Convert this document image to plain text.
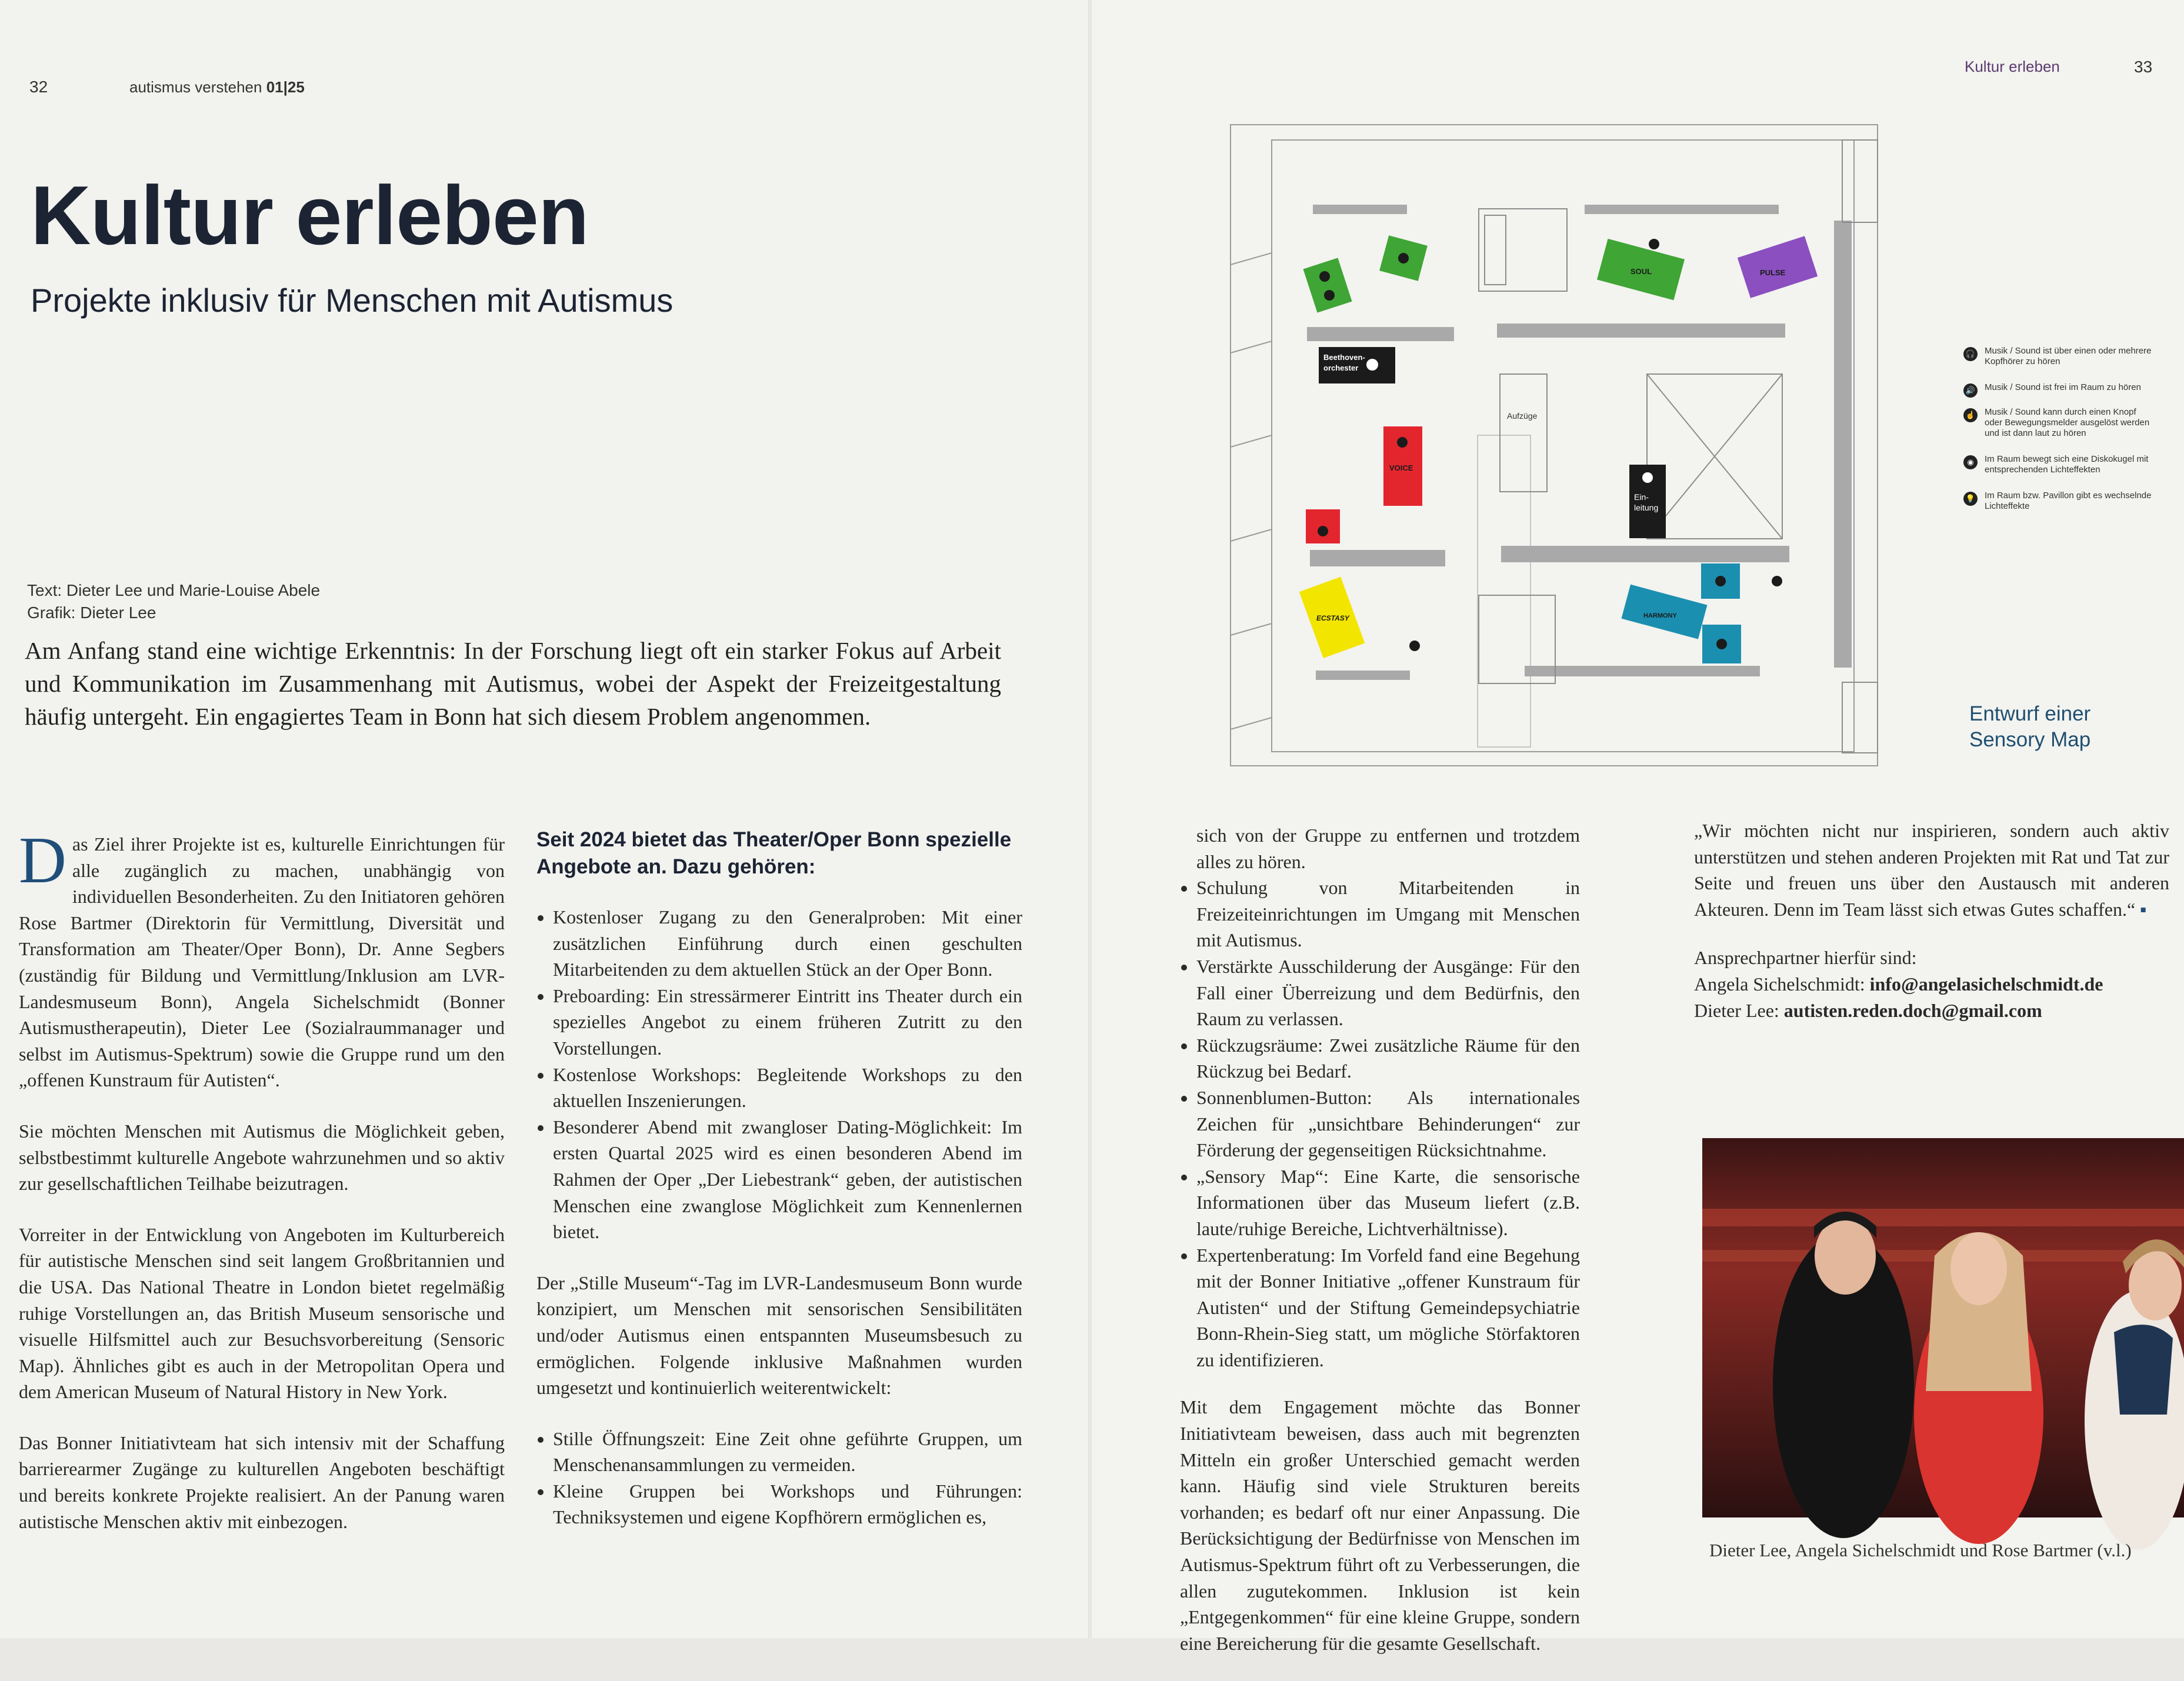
32	autismus verstehen 01|25
Kultur erleben
Projekte inklusiv für Menschen mit Autismus
Text: Dieter Lee und Marie-Louise Abele
Grafik: Dieter Lee
Am Anfang stand eine wichtige Erkenntnis: In der Forschung liegt oft ein starker Fokus auf Arbeit und Kommunikation im Zusammenhang mit Autismus, wobei der Aspekt der Freizeitgestaltung häufig untergeht. Ein engagiertes Team in Bonn hat sich diesem Problem angenommen.

Das Ziel ihrer Projekte ist es, kulturelle Einrichtungen für alle zugänglich zu machen, unabhängig von individuellen Besonderheiten. Zu den Initiatoren gehören Rose Bartmer (Direktorin für Vermittlung, Diversität und Transformation am Theater/Oper Bonn), Dr. Anne Segbers (zuständig für Bildung und Vermittlung/Inklusion am LVR-Landesmuseum Bonn), Angela Sichelschmidt (Bonner Autismustherapeutin), Dieter Lee (Sozialraummanager und selbst im Autismus-Spektrum) sowie die Gruppe rund um den „offenen Kunstraum für Autisten“.

Sie möchten Menschen mit Autismus die Möglichkeit geben, selbstbestimmt kulturelle Angebote wahrzunehmen und so aktiv zur gesellschaftlichen Teilhabe beizutragen.

Vorreiter in der Entwicklung von Angeboten im Kulturbereich für autistische Menschen sind seit langem Großbritannien und die USA. Das National Theatre in London bietet regelmäßig ruhige Vorstellungen an, das British Museum sensorische und visuelle Hilfsmittel auch zur Besuchsvorbereitung (Sensoric Map). Ähnliches gibt es auch in der Metropolitan Opera und dem American Museum of Natural History in New York.

Das Bonner Initiativteam hat sich intensiv mit der Schaffung barrierearmer Zugänge zu kulturellen Angeboten beschäftigt und bereits konkrete Projekte realisiert. An der Panung waren autistische Menschen aktiv mit einbezogen.

Seit 2024 bietet das Theater/Oper Bonn spezielle Angebote an. Dazu gehören:
• Kostenloser Zugang zu den Generalproben: Mit einer zusätzlichen Einführung durch einen geschulten Mitarbeitenden zu dem aktuellen Stück an der Oper Bonn.
• Preboarding: Ein stressärmerer Eintritt ins Theater durch ein spezielles Angebot zu einem früheren Zutritt zu den Vorstellungen.
• Kostenlose Workshops: Begleitende Workshops zu den aktuellen Inszenierungen.
• Besonderer Abend mit zwangloser Dating-Möglichkeit: Im ersten Quartal 2025 wird es einen besonderen Abend im Rahmen der Oper „Der Liebestrank“ geben, der autistischen Menschen eine zwanglose Möglichkeit zum Kennenlernen bietet.

Der „Stille Museum“-Tag im LVR-Landesmuseum Bonn wurde konzipiert, um Menschen mit sensorischen Sensibilitäten und/oder Autismus einen entspannten Museumsbesuch zu ermöglichen. Folgende inklusive Maßnahmen wurden umgesetzt und kontinuierlich weiterentwickelt:

• Stille Öffnungszeit: Eine Zeit ohne geführte Gruppen, um Menschenansammlungen zu vermeiden.
• Kleine Gruppen bei Workshops und Führungen: Techniksystemen und eigene Kopfhörern ermöglichen es,
Kultur erleben	33
SOUL	PULSE
Beethoven-orchester
Aufzüge
VOICE
Ein-leitung
ECSTASY	HARMONY
🎧 Musik / Sound ist über einen oder mehrere Kopfhörer zu hören
🔊 Musik / Sound ist frei im Raum zu hören
☝ Musik / Sound kann durch einen Knopf oder Bewegungsmelder ausgelöst werden und ist dann laut zu hören
◉	Im Raum bewegt sich eine Diskokugel mit entsprechenden Lichteffekten
💡 Im Raum bzw. Pavillon gibt es wechselnde Lichteffekte
Entwurf einer
Sensory Map

sich von der Gruppe zu entfernen und trotzdem alles zu hören.

• Schulung von Mitarbeitenden in Freizeiteinrichtungen im Umgang mit Menschen mit Autismus.
• Verstärkte Ausschilderung der Ausgänge: Für den Fall einer Überreizung und dem Bedürfnis, den Raum zu verlassen.
• Rückzugsräume: Zwei zusätzliche Räume für den Rückzug bei Bedarf.
• Sonnenblumen-Button: Als internationales Zeichen für „unsichtbare Behinderungen“ zur Förderung der gegenseitigen Rücksichtnahme.
• „Sensory Map“: Eine Karte, die sensorische Informationen über das Museum liefert (z.B. laute/ruhige Bereiche, Lichtverhältnisse).
• Expertenberatung: Im Vorfeld fand eine Begehung mit der Bonner Initiative „offener Kunstraum für Autisten“ und der Stiftung Gemeindepsychiatrie Bonn-Rhein-Sieg statt, um mögliche Störfaktoren zu identifizieren.

Mit dem Engagement möchte das Bonner Initiativteam beweisen, dass auch mit begrenzten Mitteln ein großer Unterschied gemacht werden kann. Häufig sind viele Strukturen bereits vorhanden; es bedarf oft nur einer Anpassung. Die Berücksichtigung der Bedürfnisse von Menschen im Autismus-Spektrum führt oft zu Verbesserungen, die allen zugutekommen. Inklusion ist kein „Entgegenkommen“ für eine kleine Gruppe, sondern eine Bereicherung für die gesamte Gesellschaft.

„Wir möchten nicht nur inspirieren, sondern auch aktiv unterstützen und stehen anderen Projekten mit Rat und Tat zur Seite und freuen uns über den Austausch mit anderen Akteuren. Denn im Team lässt sich etwas Gutes schaffen.“ ▪

Ansprechpartner hierfür sind:
Angela Sichelschmidt: info@angelasichelschmidt.de
Dieter Lee: autisten.reden.doch@gmail.com
Dieter Lee, Angela Sichelschmidt und Rose Bartmer (v.l.)
